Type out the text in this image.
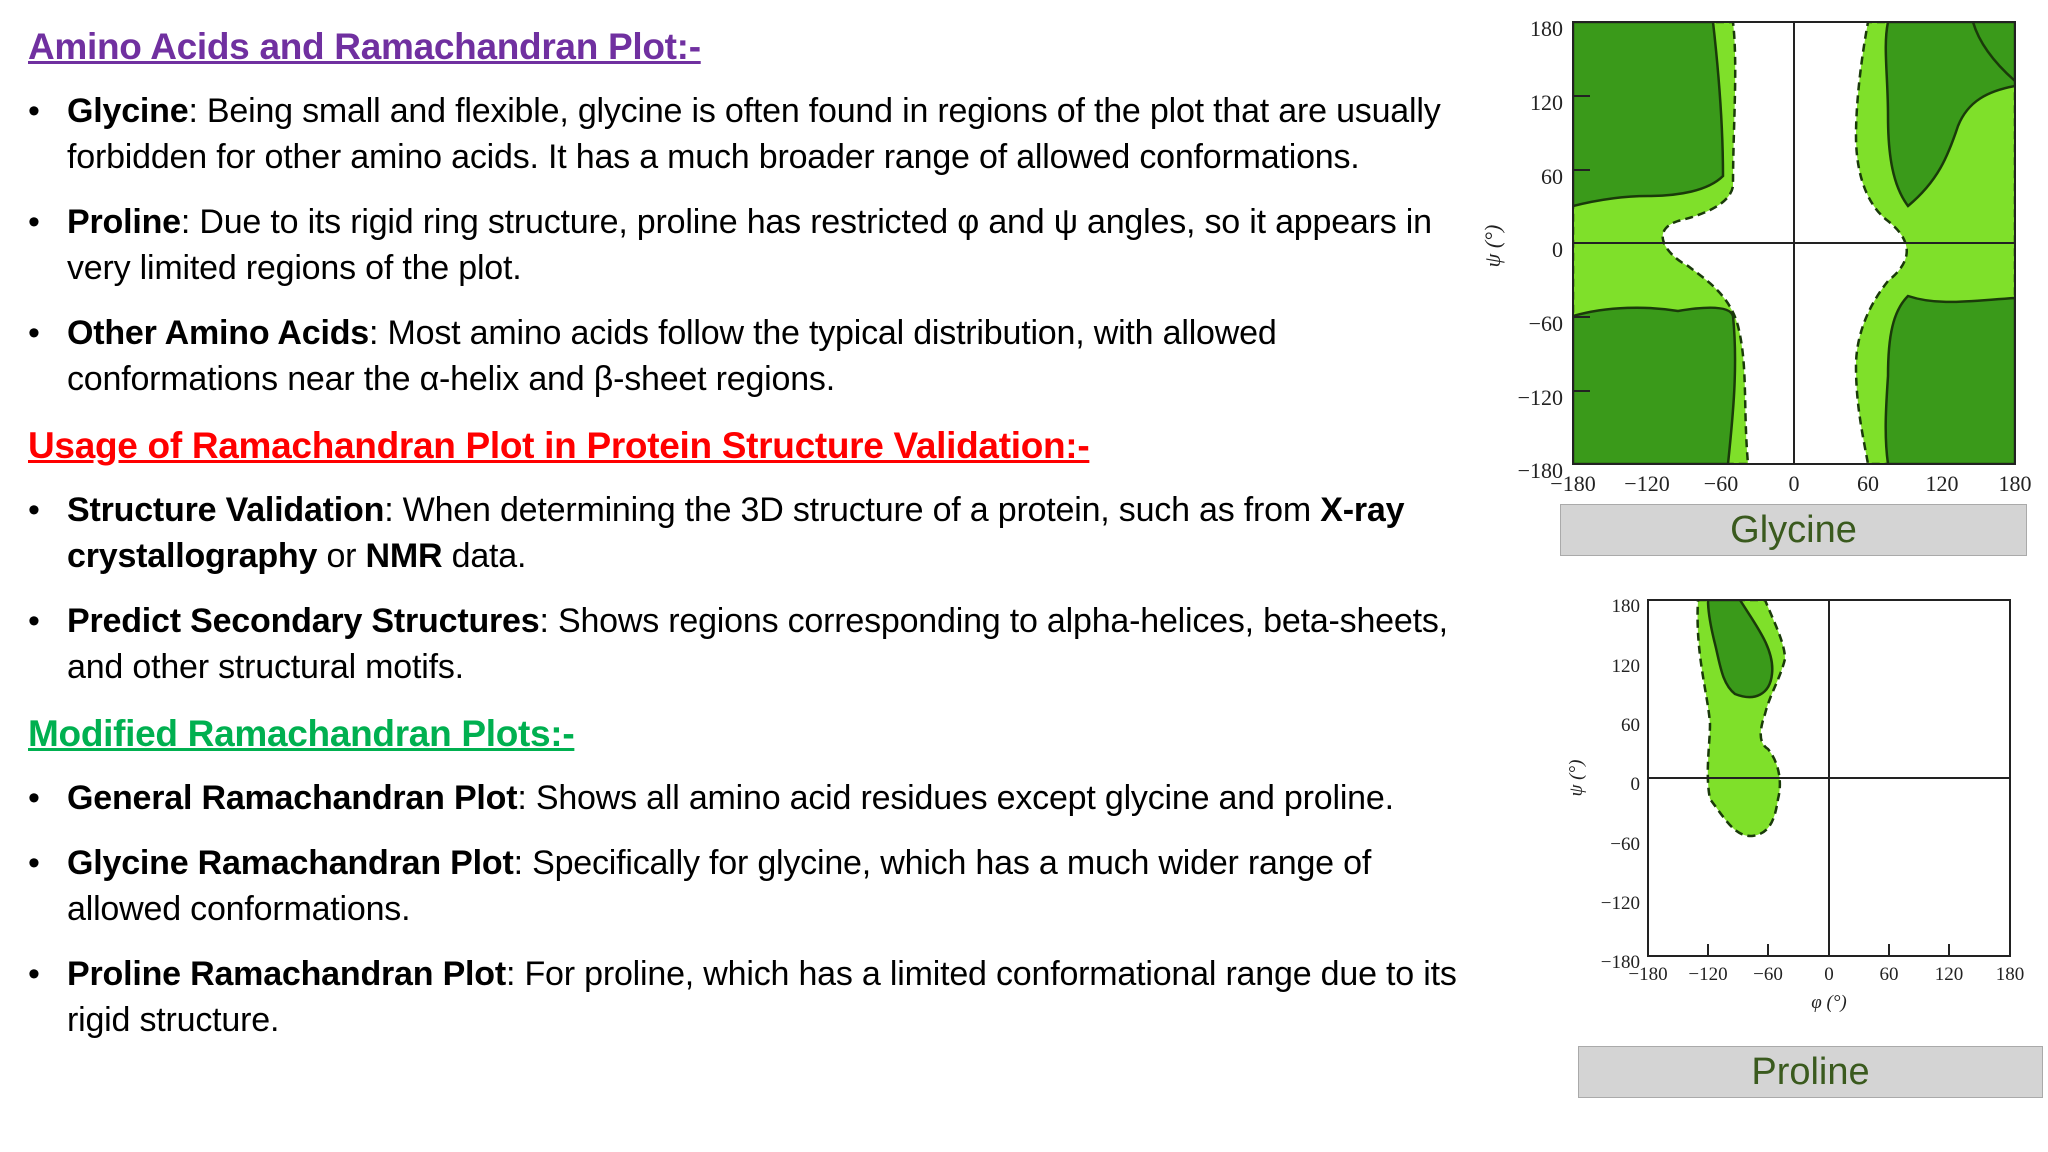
Amino Acids and Ramachandran Plot:-
• Glycine: Being small and flexible, glycine is often found in regions of the plot that are usually forbidden for other amino acids. It has a much broader range of allowed conformations.
• Proline: Due to its rigid ring structure, proline has restricted φ and ψ angles, so it appears in very limited regions of the plot.
• Other Amino Acids: Most amino acids follow the typical distribution, with allowed conformations near the α-helix and β-sheet regions.
Usage of Ramachandran Plot in Protein Structure Validation:-
• Structure Validation: When determining the 3D structure of a protein, such as from X-ray crystallography or NMR data.
• Predict Secondary Structures: Shows regions corresponding to alpha-helices, beta-sheets, and other structural motifs.
Modified Ramachandran Plots:-
• General Ramachandran Plot: Shows all amino acid residues except glycine and proline.
• Glycine Ramachandran Plot: Specifically for glycine, which has a much wider range of allowed conformations.
• Proline Ramachandran Plot: For proline, which has a limited conformational range due to its rigid structure.
180
120
60
0
−60
−120
−180
−180 −120 −60 0	60 120 180
ψ (°)
Glycine
180
120
60
0
−60
−120
−180
−180 −120 −60 0 60 120 180
φ (°)
ψ (°)
Proline
